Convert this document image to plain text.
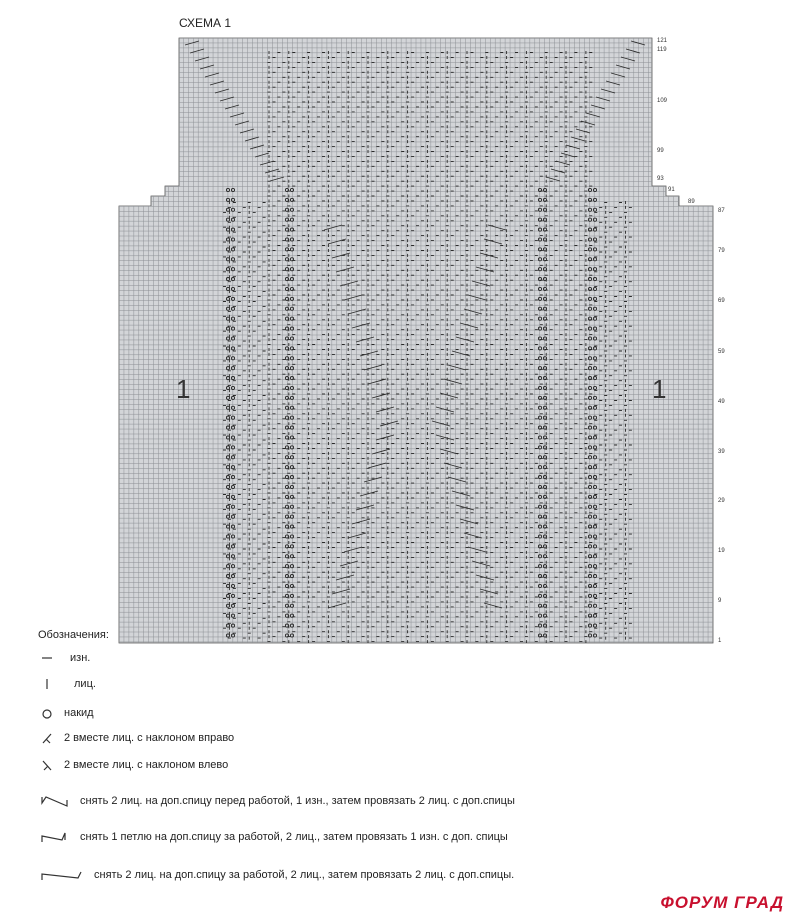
СХЕМА 1
121
119
109
99
93
91
89
87
79
69
59
49
39
29
19
9
1
1	1
Обозначения:
изн.
лиц.
накид
2 вместе лиц. с наклоном вправо
2 вместе лиц. с наклоном влево
снять 2 лиц. на доп.спицу перед работой, 1 изн., затем провязать 2 лиц. с доп.спицы
снять 1 петлю на доп.спицу за работой, 2 лиц., затем провязать 1 изн. с доп. спицы
снять 2 лиц. на доп.спицу за работой, 2 лиц., затем провязать 2 лиц. с доп.спицы.
ФОРУМ ГРАД
